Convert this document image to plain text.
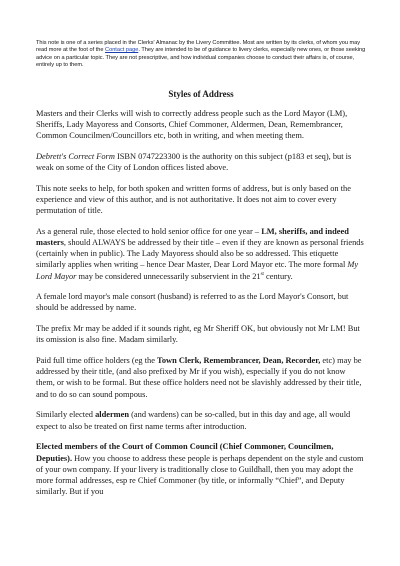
This note is one of a series placed in the Clerks' Almanac by the Livery Committee. Most are written by its clerks, of whom you may read more at the foot of the Contact page. They are intended to be of guidance to livery clerks, especially new ones, or those seeking advice on a particular topic. They are not prescriptive, and how individual companies choose to conduct their affairs is, of course, entirely up to them.

Styles of Address

Masters and their Clerks will wish to correctly address people such as the Lord Mayor (LM), Sheriffs, Lady Mayoress and Consorts, Chief Commoner, Aldermen, Dean, Remembrancer, Common Councilmen/Councillors etc, both in writing, and when meeting them.

Debrett's Correct Form ISBN 0747223300 is the authority on this subject (p183 et seq), but is weak on some of the City of London offices listed above.

This note seeks to help, for both spoken and written forms of address, but is only based on the experience and view of this author, and is not authoritative. It does not aim to cover every permutation of title.

As a general rule, those elected to hold senior office for one year – LM, sheriffs, and indeed masters, should ALWAYS be addressed by their title – even if they are known as personal friends (certainly when in public). The Lady Mayoress should also be so addressed. This etiquette similarly applies when writing – hence Dear Master, Dear Lord Mayor etc. The more formal My Lord Mayor may be considered unnecessarily subservient in the 21st century.

A female lord mayor's male consort (husband) is referred to as the Lord Mayor's Consort, but should be addressed by name.

The prefix Mr may be added if it sounds right, eg Mr Sheriff OK, but obviously not Mr LM! But its omission is also fine. Madam similarly.

Paid full time office holders (eg the Town Clerk, Remembrancer, Dean, Recorder, etc) may be addressed by their title, (and also prefixed by Mr if you wish), especially if you do not know them, or wish to be formal. But these office holders need not be slavishly addressed by their title, and to do so can sound pompous.

Similarly elected aldermen (and wardens) can be so-called, but in this day and age, all would expect to also be treated on first name terms after introduction.

Elected members of the Court of Common Council (Chief Commoner, Councilmen, Deputies). How you choose to address these people is perhaps dependent on the style and custom of your own company. If your livery is traditionally close to Guildhall, then you may adopt the more formal addresses, esp re Chief Commoner (by title, or informally “Chief”, and Deputy similarly. But if you
